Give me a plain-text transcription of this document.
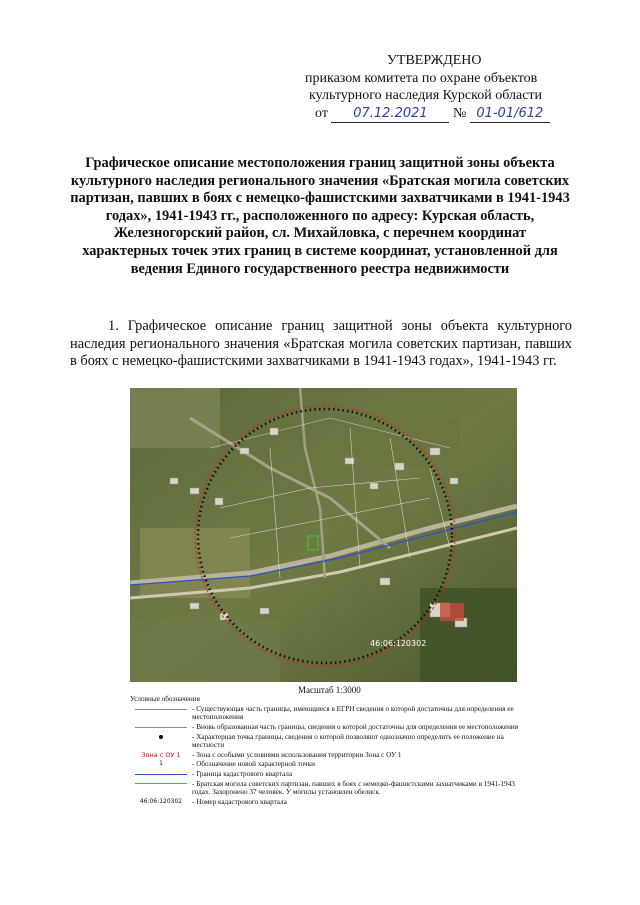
УТВЕРЖДЕНО
приказом комитета по охране объектов
культурного наследия Курской области
от 07.12.2021 № 01-01/612
Графическое описание местоположения границ защитной зоны объекта культурного наследия регионального значения «Братская могила советских партизан, павших в боях с немецко-фашистскими захватчиками в 1941-1943 годах», 1941-1943 гг., расположенного по адресу: Курская область, Железногорский район, сл. Михайловка, с перечнем координат характерных точек этих границ в системе координат, установленной для ведения Единого государственного реестра недвижимости
1. Графическое описание границ защитной зоны объекта культурного наследия регионального значения «Братская могила советских партизан, павших в боях с немецко-фашистскими захватчиками в 1941-1943 годах», 1941-1943 гг.
46:06:120302
Масштаб 1:3000
Условные обозначения
- Существующая часть границы, имеющиеся в ЕГРН сведения о которой достаточны для определения ее местоположения
- Вновь образованная часть границы, сведения о которой достаточны для определения ее местоположения
- Характерная точка границы, сведения о которой позволяют однозначно определить ее положение на местности
Зона с ОУ 1 - Зона с особыми условиями использования территории Зона с ОУ 1
1	- Обозначение новой характерной точки
- Граница кадастрового квартала
- Братская могила советских партизан, павших в боях с немецко-фашистскими захватчиками в 1941-1943 годах. Захоронено 37 человек. У могилы установлен обелиск.
46:06:120302 - Номер кадастрового квартала
